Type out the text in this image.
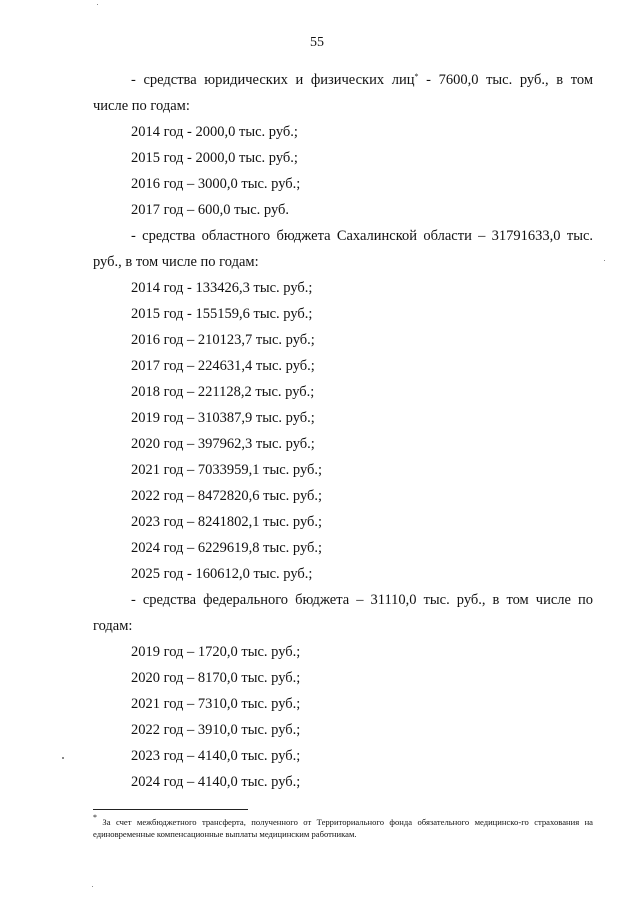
55
- средства юридических и физических лиц* - 7600,0 тыс. руб., в том
числе по годам:
2014 год - 2000,0 тыс. руб.;
2015 год - 2000,0 тыс. руб.;
2016 год – 3000,0 тыс. руб.;
2017 год – 600,0 тыс. руб.
- средства областного бюджета Сахалинской области – 31791633,0 тыс.
руб., в том числе по годам:
2014 год - 133426,3 тыс. руб.;
2015 год - 155159,6 тыс. руб.;
2016 год – 210123,7 тыс. руб.;
2017 год – 224631,4 тыс. руб.;
2018 год – 221128,2 тыс. руб.;
2019 год – 310387,9 тыс. руб.;
2020 год – 397962,3 тыс. руб.;
2021 год – 7033959,1 тыс. руб.;
2022 год – 8472820,6 тыс. руб.;
2023 год – 8241802,1 тыс. руб.;
2024 год – 6229619,8 тыс. руб.;
2025 год - 160612,0 тыс. руб.;
- средства федерального бюджета – 31110,0 тыс. руб., в том числе по
годам:
2019 год – 1720,0 тыс. руб.;
2020 год – 8170,0 тыс. руб.;
2021 год – 7310,0 тыс. руб.;
2022 год – 3910,0 тыс. руб.;
2023 год – 4140,0 тыс. руб.;
2024 год – 4140,0 тыс. руб.;
* За счет межбюджетного трансферта, полученного от Территориального фонда обязательного медицинско-го страхования на единовременные компенсационные выплаты медицинским работникам.
